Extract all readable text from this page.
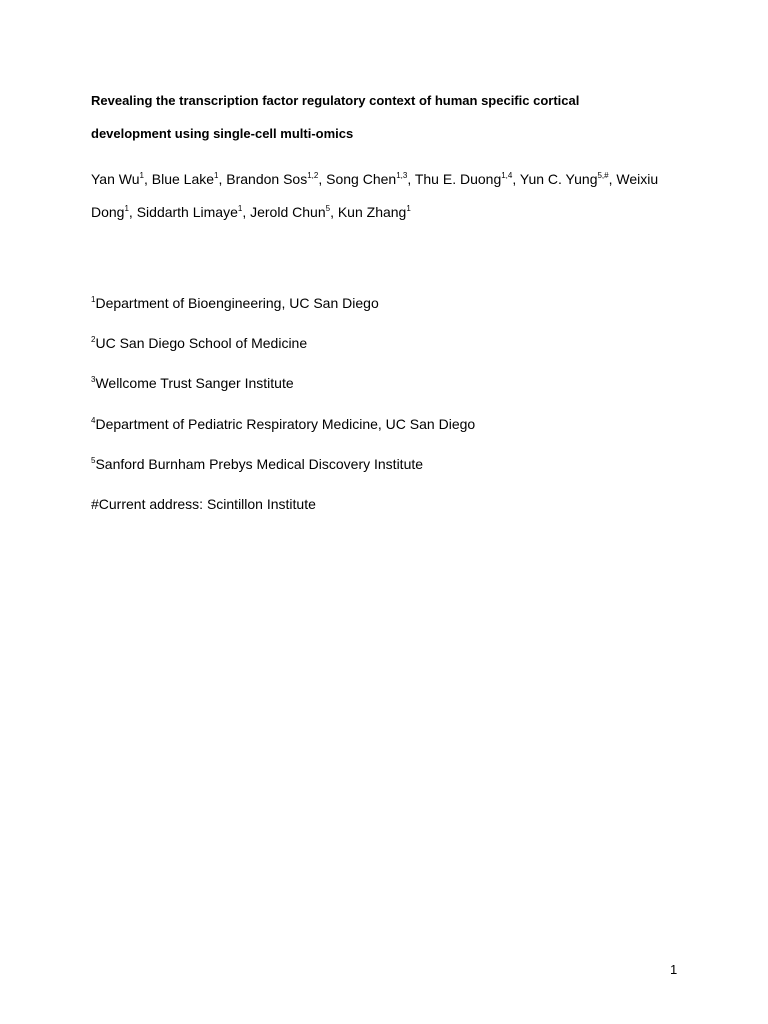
Revealing the transcription factor regulatory context of human specific cortical
development using single-cell multi-omics
Yan Wu$^1$, Blue Lake$^1$, Brandon Sos$^{1,2}$, Song Chen$^{1,3}$, Thu E. Duong$^{1,4}$, Yun C. Yung$^{5,\#}$, Weixiu
Dong$^1$, Siddarth Limaye$^1$, Jerold Chun$^5$, Kun Zhang$^1$
$^1$Department of Bioengineering, UC San Diego
$^2$UC San Diego School of Medicine
$^3$Wellcome Trust Sanger Institute
$^4$Department of Pediatric Respiratory Medicine, UC San Diego
$^5$Sanford Burnham Prebys Medical Discovery Institute
#Current address: Scintillon Institute
1
